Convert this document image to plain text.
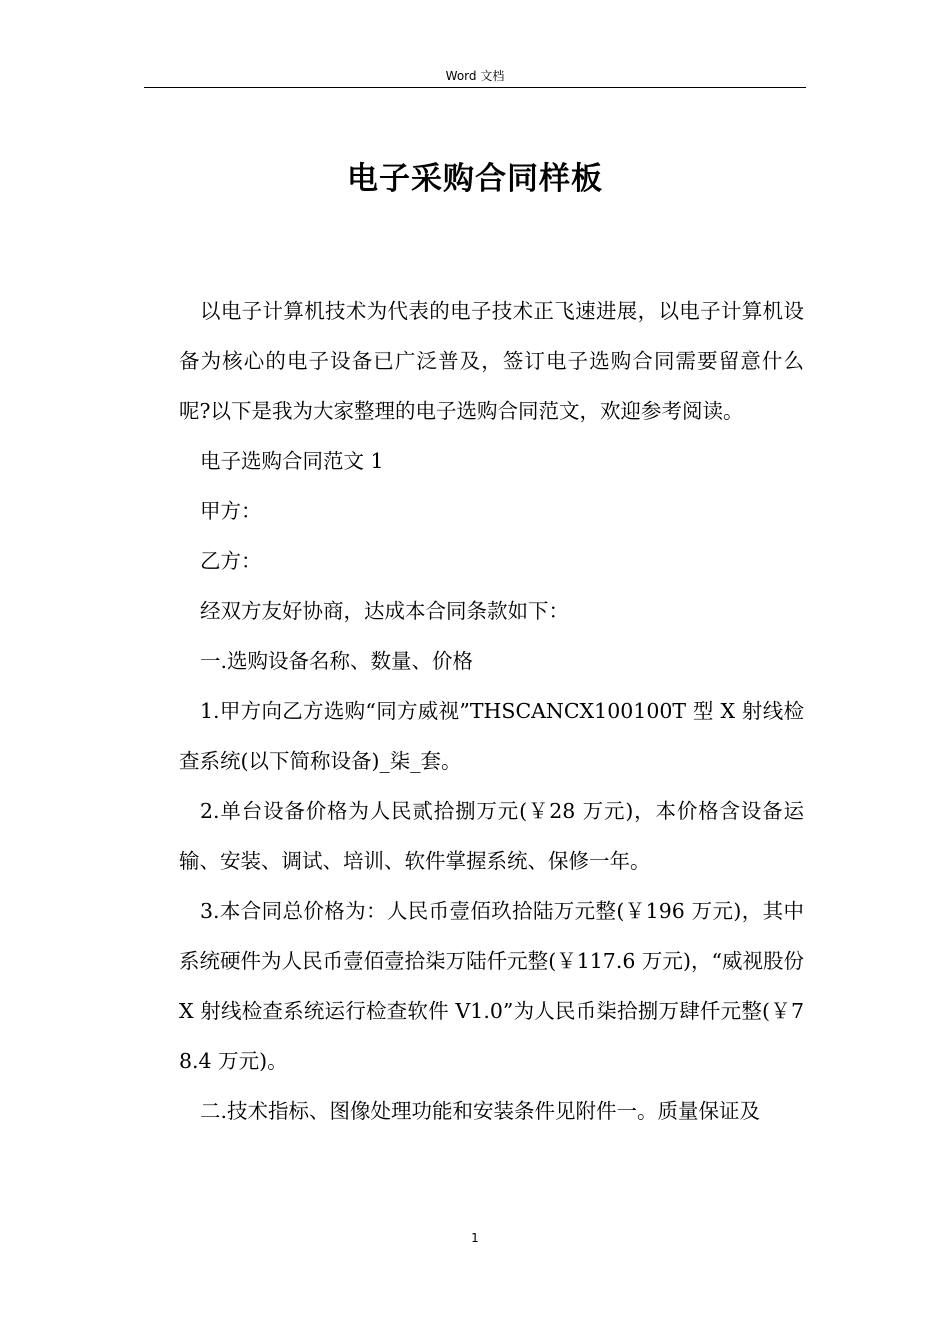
Word 文档
电子采购合同样板

以电子计算机技术为代表的电子技术正飞速进展，以电子计算机设备为核心的电子设备已广泛普及，签订电子选购合同需要留意什么呢?以下是我为大家整理的电子选购合同范文，欢迎参考阅读。

电子选购合同范文 1

甲方：

乙方：

经双方友好协商，达成本合同条款如下：

一.选购设备名称、数量、价格

1.甲方向乙方选购“同方威视”THSCANCX100100T 型 X 射线检查系统(以下简称设备)_柒_套。

2.单台设备价格为人民贰拾捌万元(￥28 万元)，本价格含设备运输、安装、调试、培训、软件掌握系统、保修一年。

3.本合同总价格为：人民币壹佰玖拾陆万元整(￥196 万元)，其中系统硬件为人民币壹佰壹拾柒万陆仟元整(￥117.6 万元)，“威视股份 X 射线检查系统运行检查软件 V1.0”为人民币柒拾捌万肆仟元整(￥78.4 万元)。

二.技术指标、图像处理功能和安装条件见附件一。质量保证及

1
